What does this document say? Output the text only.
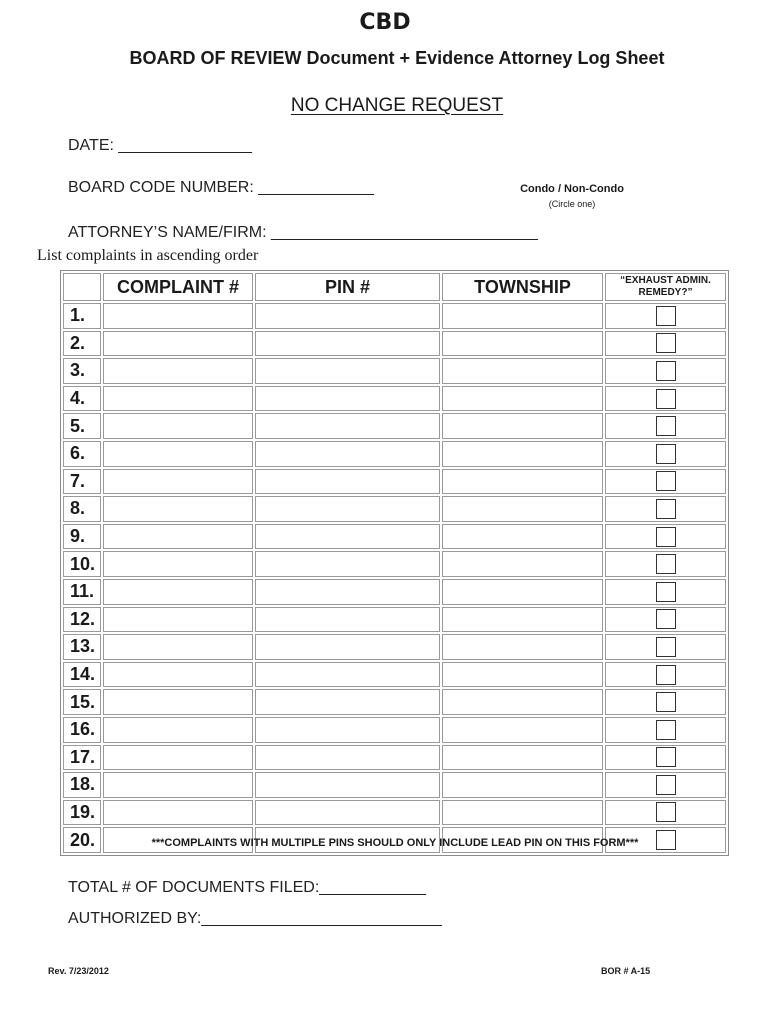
CBD
BOARD OF REVIEW Document + Evidence Attorney Log Sheet
NO CHANGE REQUEST
DATE: _______________
BOARD CODE NUMBER: _____________
ATTORNEY’S NAME/FIRM: ______________________________
Condo / Non-Condo
(Circle one)
List complaints in ascending order
	COMPLAINT #	PIN #	TOWNSHIP	“EXHAUST ADMIN. REMEDY?”
1.				
2.				
3.				
4.				
5.				
6.				
7.				
8.				
9.				
10.				
11.				
12.				
13.				
14.				
15.				
16.				
17.				
18.				
19.				
20.					***COMPLAINTS WITH MULTIPLE PINS SHOULD ONLY INCLUDE LEAD PIN ON THIS FORM***
TOTAL # OF DOCUMENTS FILED:____________
AUTHORIZED BY:___________________________
Rev. 7/23/2012	BOR # A-15
